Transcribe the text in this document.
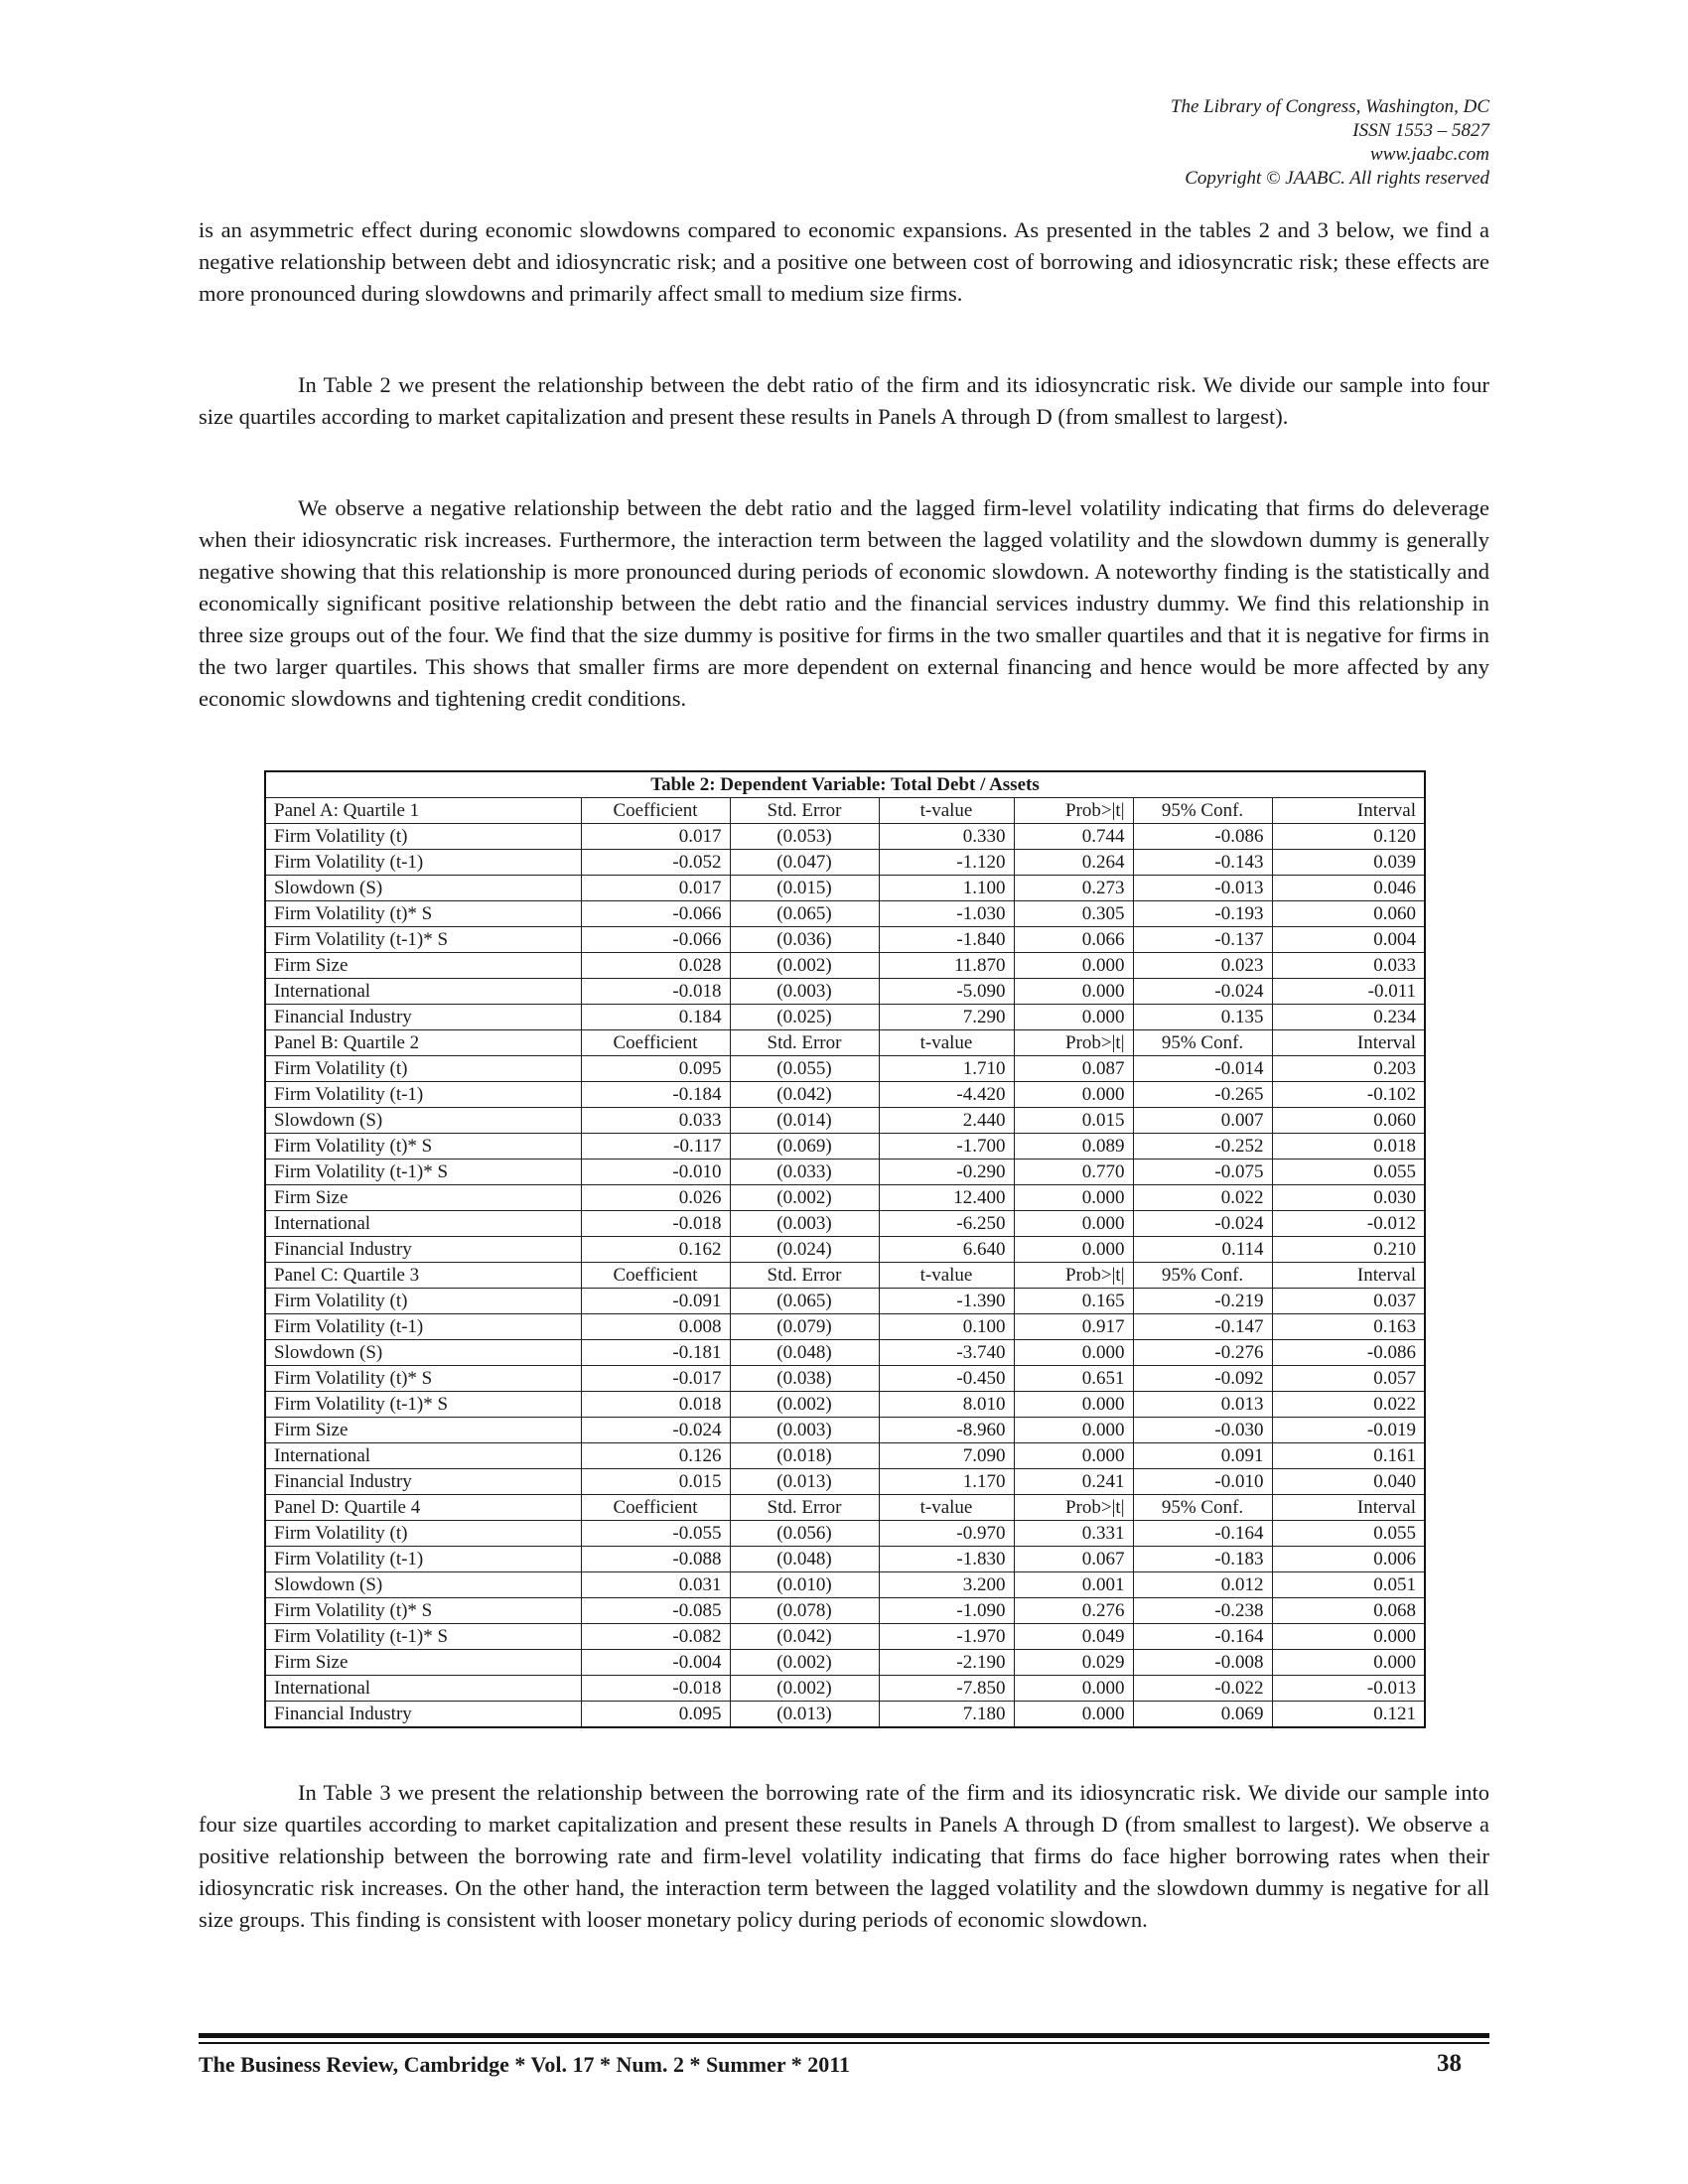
The Library of Congress, Washington, DC
ISSN 1553 – 5827
www.jaabc.com
Copyright © JAABC. All rights reserved

is an asymmetric effect during economic slowdowns compared to economic expansions. As presented in the tables 2 and 3 below, we find a negative relationship between debt and idiosyncratic risk; and a positive one between cost of borrowing and idiosyncratic risk; these effects are more pronounced during slowdowns and primarily affect small to medium size firms.

In Table 2 we present the relationship between the debt ratio of the firm and its idiosyncratic risk. We divide our sample into four size quartiles according to market capitalization and present these results in Panels A through D (from smallest to largest).

We observe a negative relationship between the debt ratio and the lagged firm-level volatility indicating that firms do deleverage when their idiosyncratic risk increases. Furthermore, the interaction term between the lagged volatility and the slowdown dummy is generally negative showing that this relationship is more pronounced during periods of economic slowdown. A noteworthy finding is the statistically and economically significant positive relationship between the debt ratio and the financial services industry dummy. We find this relationship in three size groups out of the four. We find that the size dummy is positive for firms in the two smaller quartiles and that it is negative for firms in the two larger quartiles. This shows that smaller firms are more dependent on external financing and hence would be more affected by any economic slowdowns and tightening credit conditions.

Table 2: Dependent Variable: Total Debt / Assets						
Panel A: Quartile 1	Coefficient	Std. Error	t-value	Prob>|t|	95% Conf.	Interval
Firm Volatility (t)	0.017	(0.053)	0.330	0.744	-0.086	0.120
Firm Volatility (t-1)	-0.052	(0.047)	-1.120	0.264	-0.143	0.039
Slowdown (S)	0.017	(0.015)	1.100	0.273	-0.013	0.046
Firm Volatility (t)* S	-0.066	(0.065)	-1.030	0.305	-0.193	0.060
Firm Volatility (t-1)* S	-0.066	(0.036)	-1.840	0.066	-0.137	0.004
Firm Size	0.028	(0.002)	11.870	0.000	0.023	0.033
International	-0.018	(0.003)	-5.090	0.000	-0.024	-0.011
Financial Industry	0.184	(0.025)	7.290	0.000	0.135	0.234
Panel B: Quartile 2	Coefficient	Std. Error	t-value	Prob>|t|	95% Conf.	Interval
Firm Volatility (t)	0.095	(0.055)	1.710	0.087	-0.014	0.203
Firm Volatility (t-1)	-0.184	(0.042)	-4.420	0.000	-0.265	-0.102
Slowdown (S)	0.033	(0.014)	2.440	0.015	0.007	0.060
Firm Volatility (t)* S	-0.117	(0.069)	-1.700	0.089	-0.252	0.018
Firm Volatility (t-1)* S	-0.010	(0.033)	-0.290	0.770	-0.075	0.055
Firm Size	0.026	(0.002)	12.400	0.000	0.022	0.030
International	-0.018	(0.003)	-6.250	0.000	-0.024	-0.012
Financial Industry	0.162	(0.024)	6.640	0.000	0.114	0.210
Panel C: Quartile 3	Coefficient	Std. Error	t-value	Prob>|t|	95% Conf.	Interval
Firm Volatility (t)	-0.091	(0.065)	-1.390	0.165	-0.219	0.037
Firm Volatility (t-1)	0.008	(0.079)	0.100	0.917	-0.147	0.163
Slowdown (S)	-0.181	(0.048)	-3.740	0.000	-0.276	-0.086
Firm Volatility (t)* S	-0.017	(0.038)	-0.450	0.651	-0.092	0.057
Firm Volatility (t-1)* S	0.018	(0.002)	8.010	0.000	0.013	0.022
Firm Size	-0.024	(0.003)	-8.960	0.000	-0.030	-0.019
International	0.126	(0.018)	7.090	0.000	0.091	0.161
Financial Industry	0.015	(0.013)	1.170	0.241	-0.010	0.040
Panel D: Quartile 4	Coefficient	Std. Error	t-value	Prob>|t|	95% Conf.	Interval
Firm Volatility (t)	-0.055	(0.056)	-0.970	0.331	-0.164	0.055
Firm Volatility (t-1)	-0.088	(0.048)	-1.830	0.067	-0.183	0.006
Slowdown (S)	0.031	(0.010)	3.200	0.001	0.012	0.051
Firm Volatility (t)* S	-0.085	(0.078)	-1.090	0.276	-0.238	0.068
Firm Volatility (t-1)* S	-0.082	(0.042)	-1.970	0.049	-0.164	0.000
Firm Size	-0.004	(0.002)	-2.190	0.029	-0.008	0.000
International	-0.018	(0.002)	-7.850	0.000	-0.022	-0.013
Financial Industry	0.095	(0.013)	7.180	0.000	0.069	0.121

In Table 3 we present the relationship between the borrowing rate of the firm and its idiosyncratic risk. We divide our sample into four size quartiles according to market capitalization and present these results in Panels A through D (from smallest to largest). We observe a positive relationship between the borrowing rate and firm-level volatility indicating that firms do face higher borrowing rates when their idiosyncratic risk increases. On the other hand, the interaction term between the lagged volatility and the slowdown dummy is negative for all size groups. This finding is consistent with looser monetary policy during periods of economic slowdown.

The Business Review, Cambridge * Vol. 17 * Num. 2 * Summer * 2011	38
